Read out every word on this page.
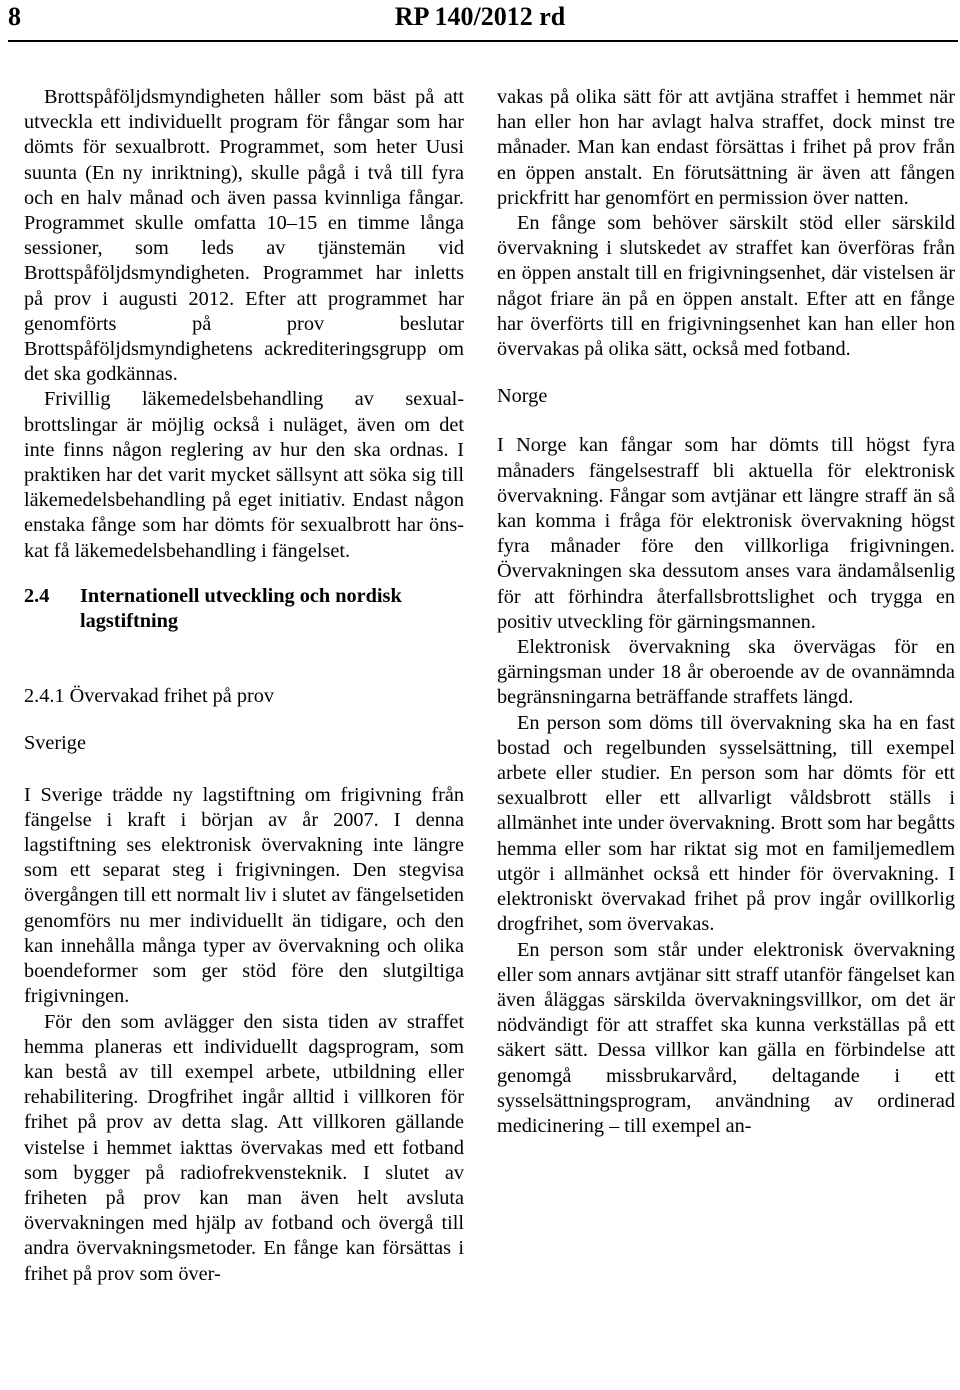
8	RP 140/2012 rd

Brottspåföljdsmyndigheten håller som bäst på att utveckla ett individuellt program för fångar som har dömts för sexualbrott. Programmet, som heter Uusi suunta (En ny inriktning), skulle pågå i två till fyra och en halv månad och även passa kvinnliga fångar. Programmet skulle omfatta 10–15 en timme långa sessioner, som leds av tjänstemän vid Brottspåföljdsmyndigheten. Programmet har inletts på prov i augusti 2012. Efter att programmet har genomförts på prov beslutar Brottspåföljdsmyndighetens ackrediteringsgrupp om det ska godkännas.

Frivillig läkemedelsbehandling av sexualbrottslingar är möjlig också i nuläget, även om det inte finns någon reglering av hur den ska ordnas. I praktiken har det varit mycket sällsynt att söka sig till läkemedelsbehandling på eget initiativ. Endast någon enstaka fånge som har dömts för sexualbrott har önskat få läkemedelsbehandling i fängelset.

2.4	Internationell utveckling och nordisk lagstiftning
2.4.1 Övervakad frihet på prov
Sverige

I Sverige trädde ny lagstiftning om frigivning från fängelse i kraft i början av år 2007. I denna lagstiftning ses elektronisk övervakning inte längre som ett separat steg i frigivningen. Den stegvisa övergången till ett normalt liv i slutet av fängelsetiden genomförs nu mer individuellt än tidigare, och den kan innehålla många typer av övervakning och olika boendeformer som ger stöd före den slutgiltiga frigivningen.

För den som avlägger den sista tiden av straffet hemma planeras ett individuellt dagsprogram, som kan bestå av till exempel arbete, utbildning eller rehabilitering. Drogfrihet ingår alltid i villkoren för frihet på prov av detta slag. Att villkoren gällande vistelse i hemmet iakttas övervakas med ett fotband som bygger på radiofrekvensteknik. I slutet av friheten på prov kan man även helt avsluta övervakningen med hjälp av fotband och övergå till andra övervakningsmetoder. En fånge kan försättas i frihet på prov som över-

vakas på olika sätt för att avtjäna straffet i hemmet när han eller hon har avlagt halva straffet, dock minst tre månader. Man kan endast försättas i frihet på prov från en öppen anstalt. En förutsättning är även att fången prickfritt har genomfört en permission över natten.

En fånge som behöver särskilt stöd eller särskild övervakning i slutskedet av straffet kan överföras från en öppen anstalt till en frigivningsenhet, där vistelsen är något friare än på en öppen anstalt. Efter att en fånge har överförts till en frigivningsenhet kan han eller hon övervakas på olika sätt, också med fotband.

Norge

I Norge kan fångar som har dömts till högst fyra månaders fängelsestraff bli aktuella för elektronisk övervakning. Fångar som avtjänar ett längre straff än så kan komma i fråga för elektronisk övervakning högst fyra månader före den villkorliga frigivningen. Övervakningen ska dessutom anses vara ändamålsenlig för att förhindra återfallsbrottslighet och trygga en positiv utveckling för gärningsmannen.

Elektronisk övervakning ska övervägas för en gärningsman under 18 år oberoende av de ovannämnda begränsningarna beträffande straffets längd.

En person som döms till övervakning ska ha en fast bostad och regelbunden sysselsättning, till exempel arbete eller studier. En person som har dömts för ett sexualbrott eller ett allvarligt våldsbrott ställs i allmänhet inte under övervakning. Brott som har begåtts hemma eller som har riktat sig mot en familjemedlem utgör i allmänhet också ett hinder för övervakning. I elektroniskt övervakad frihet på prov ingår ovillkorlig drogfrihet, som övervakas.

En person som står under elektronisk övervakning eller som annars avtjänar sitt straff utanför fängelset kan även åläggas särskilda övervakningsvillkor, om det är nödvändigt för att straffet ska kunna verkställas på ett säkert sätt. Dessa villkor kan gälla en förbindelse att genomgå missbrukarvård, deltagande i ett sysselsättningsprogram, användning av ordinerad medicinering – till exempel an-
